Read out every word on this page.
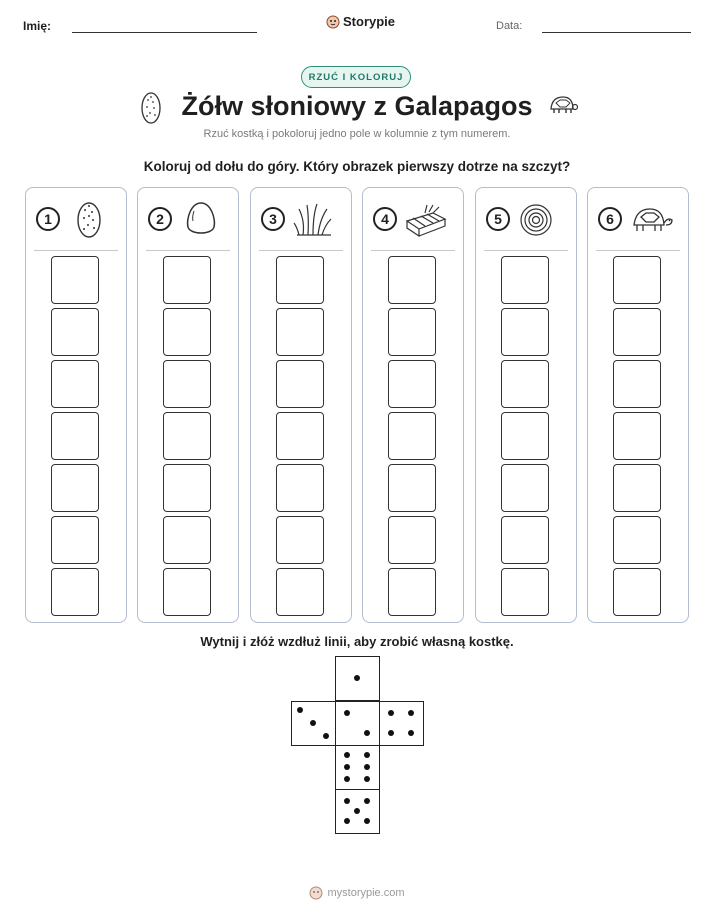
Imię:	Storypie	Data:
RZUĆ I KOLORUJ
Żółw słoniowy z Galapagos
Rzuć kostką i pokoloruj jedno pole w kolumnie z tym numerem.
Koloruj od dołu do góry. Który obrazek pierwszy dotrze na szczyt?
1	2	3	4	5	6
Wytnij i złóż wzdłuż linii, aby zrobić własną kostkę.
mystorypie.com
